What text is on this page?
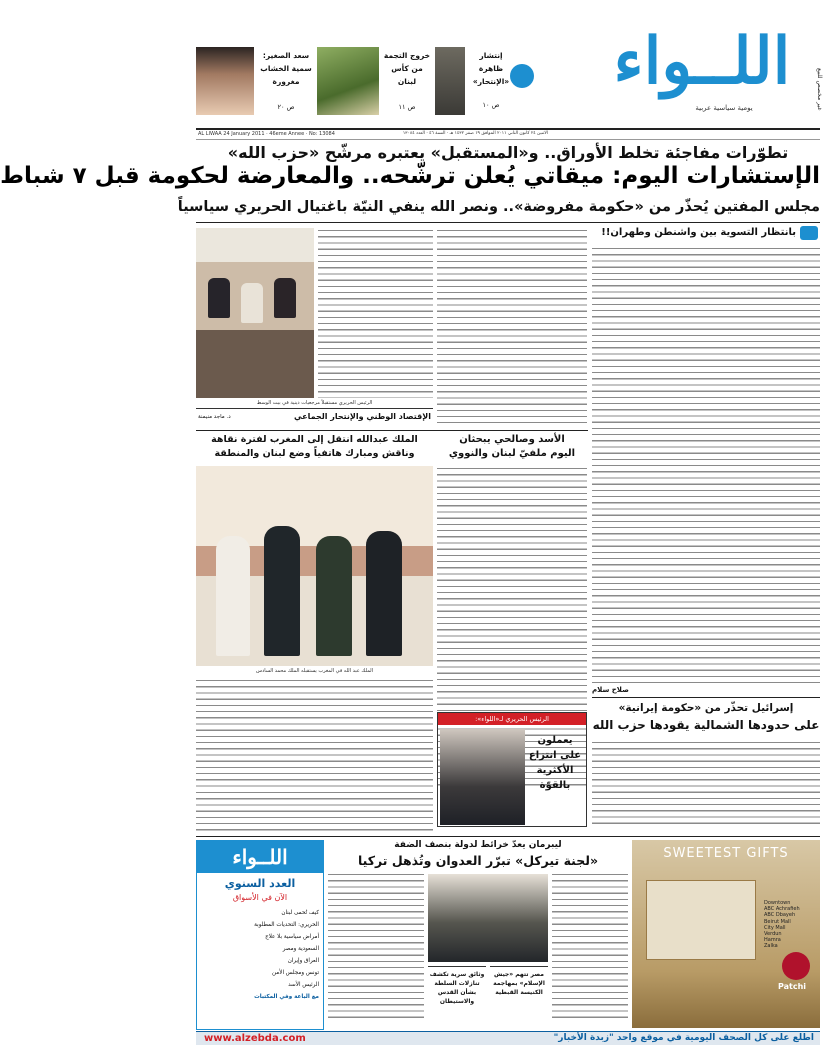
غير مخصص للبيع
اللــواء
يومية سياسية عربية
إنتشار ظاهرة «الإنتحار»
ص ١٠
خروج التجمة من كأس لبنان
ص ١١
سعد الصغير: سمية الخشاب مغرورة
ص ٢٠
AL LIWAA 24 January 2011 · 46eme Annee · No: 13084	الاثنين ٢٤ كانون الثاني ٢٠١١ الموافق ١٩ صفر ١٤٣٢ هـ · السنة ٤٦ · العدد ١٣٠٨٤
تطوّرات مفاجئة تخلط الأوراق.. و«المستقبل» يعتبره مرشّح «حزب الله»
الإستشارات اليوم: ميقاتي يُعلن ترشّحه.. والمعارضة لحكومة قبل ٧ شباط
مجلس المفتين يُحذّر من «حكومة مفروضة».. ونصر الله ينفي النيّة باغتيال الحريري سياسياً
بانتظار التسوية بين واشنطن وطهران!!
الرئيس الحريري مستقبلاً مرجعيات دينية في بيت الوسط
الإقتصاد الوطني والإنتحار الجماعي
د. ماجد منيمنة
الأسد وصالحي يبحثان
اليوم ملفيّ لبنان والنووي
الملك عبدالله انتقل إلى المغرب لفترة نقاهة
وناقش ومبارك هاتفياً وضع لبنان والمنطقة
الملك عبد الله في المغرب يستقبله الملك محمد السادس
صلاح سلام
إسرائيل تحذّر من «حكومة إيرانية»
على حدودها الشمالية يقودها حزب الله
الرئيس الحريري لـ«اللواء»:
يعملون على انتزاع الأكثرية بالقوّة
اللــواء
العدد السنوي
الآن في الأسواق
كيف تُحمى لبنان
الحريري: التحديات المطلوبة
أمراض سياسية بلا علاج
السعودية ومصر
العراق وإيران
تونس ومجلس الأمن
الرئيس الأسد
مع الباعة وفي المكتبات
ليبرمان يعدّ خرائط لدولة بنصف الضفة
«لجنة تيركل» تبرّر العدوان وتُذهل تركيا
وثائق سرية تكشف تنازلات السلطة بشأن القدس والاستيطان
مصر تتهم «جيش الإسلام» بمهاجمة الكنيسة القبطية
SWEETEST GIFTS
Patchi
Downtown
ABC Achrafieh
ABC Dbayeh
Beirut Mall
City Mall
Verdun
Hamra
Zalka
www.alzebda.com	اطلع على كل الصحف اليومية في موقع واحد "زبدة الأخبار"
